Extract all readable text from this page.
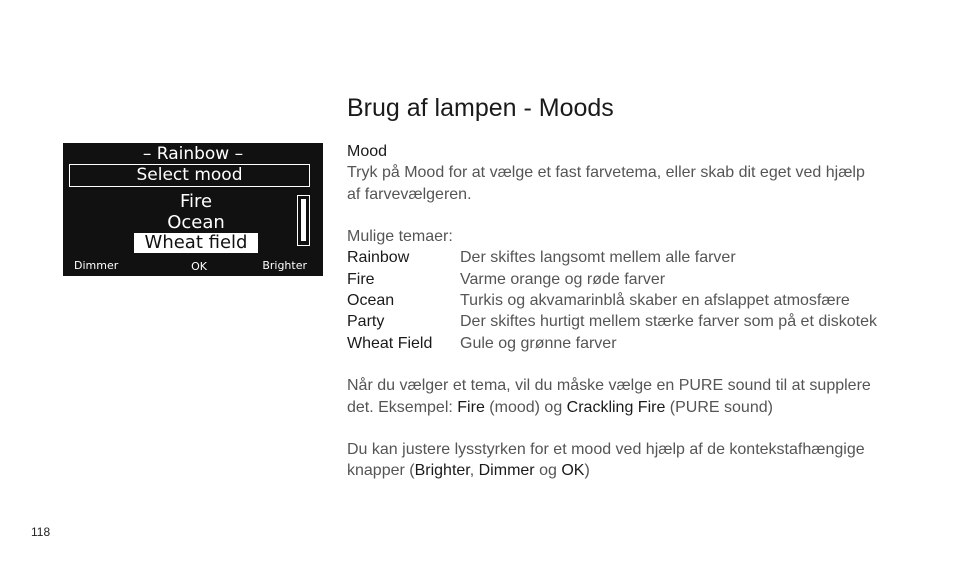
Brug af lampen - Moods
– Rainbow –
Select mood
Fire
Ocean
Wheat field
Dimmer	OK	Brighter

Mood

Tryk på Mood for at vælge et fast farvetema, eller skab dit eget ved hjælp

af farvevælgeren.

Mulige temaer:

Rainbow	Der skiftes langsomt mellem alle farver
Fire	Varme orange og røde farver
Ocean	Turkis og akvamarinblå skaber en afslappet atmosfære
Party	Der skiftes hurtigt mellem stærke farver som på et diskotek
Wheat Field	Gule og grønne farver

Når du vælger et tema, vil du måske vælge en PURE sound til at supplere

det. Eksempel: Fire (mood) og Crackling Fire (PURE sound)

Du kan justere lysstyrken for et mood ved hjælp af de kontekstafhængige

knapper (Brighter, Dimmer og OK)

118
